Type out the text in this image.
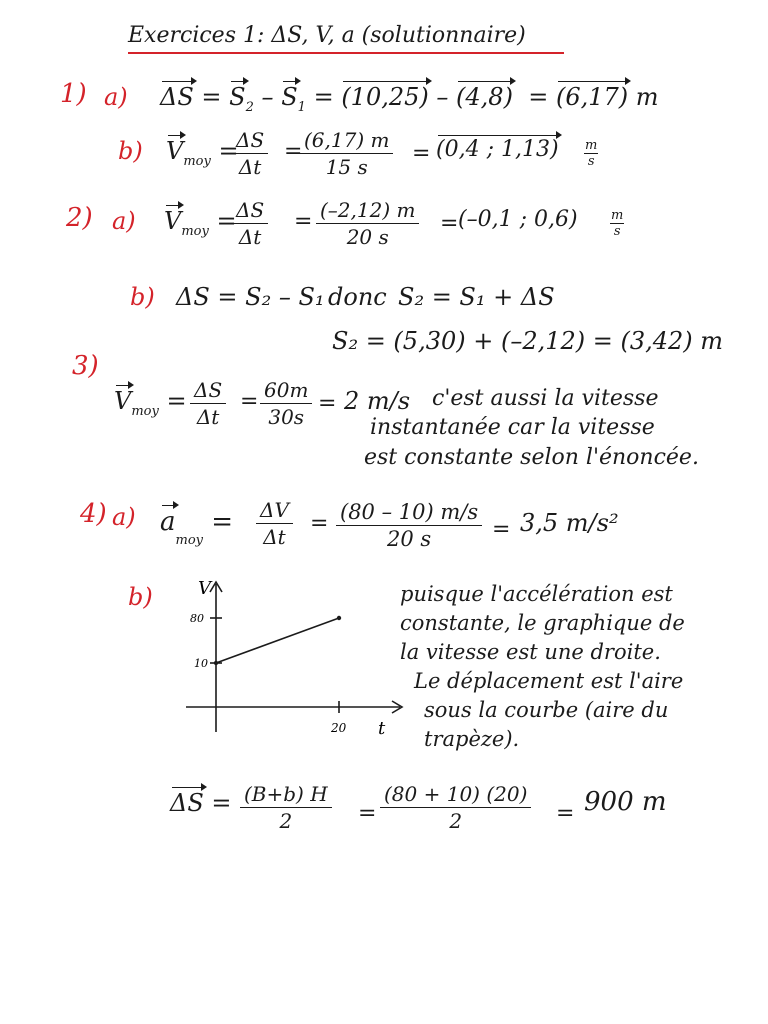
Exercices 1: ΔS, V, a (solutionnaire)
1) a) $\Delta S = S_2 - S_1 = (10,25) - (4,8) = (6,17)$ m
b) $V_{moy}$ =
$\frac{\Delta S}{\Delta t}$ =
$\frac{(6,17) m}{15 s} = (0,4$ ; $1,13) \frac{m}{s}$
2) a) $V_{moy}$ =
$\frac{\Delta S}{\Delta t} = \frac{(-2,12) m}{20 s} = (-0,1$ ; $0,6) \frac{m}{s}$
b) ΔS = S₂ – S₁ donc S₂ = S₁ + ΔS
S₂ = (5,30) + (–2,12) = (3,42) m
3)
$V_{moy} = \frac{\Delta S}{\Delta t} = \frac{60m}{30s} = 2$ m/s c'est aussi la vitesse
instantanée car la vitesse
est constante selon l'énoncée.
4) a) $a_{moy} = \frac{\Delta V}{\Delta t} = \frac{(80 - 10) m/s}{20 s} = 3,5$ m/s²
b)	V
80
10
20 t
puisque l'accélération est
constante, le graphique de
la vitesse est une droite.
Le déplacement est l'aire
sous la courbe (aire du
trapèze).
$\Delta S = \frac{(B+b) H}{2} = \frac{(80 + 10) (20)}{2} = 900$ m
